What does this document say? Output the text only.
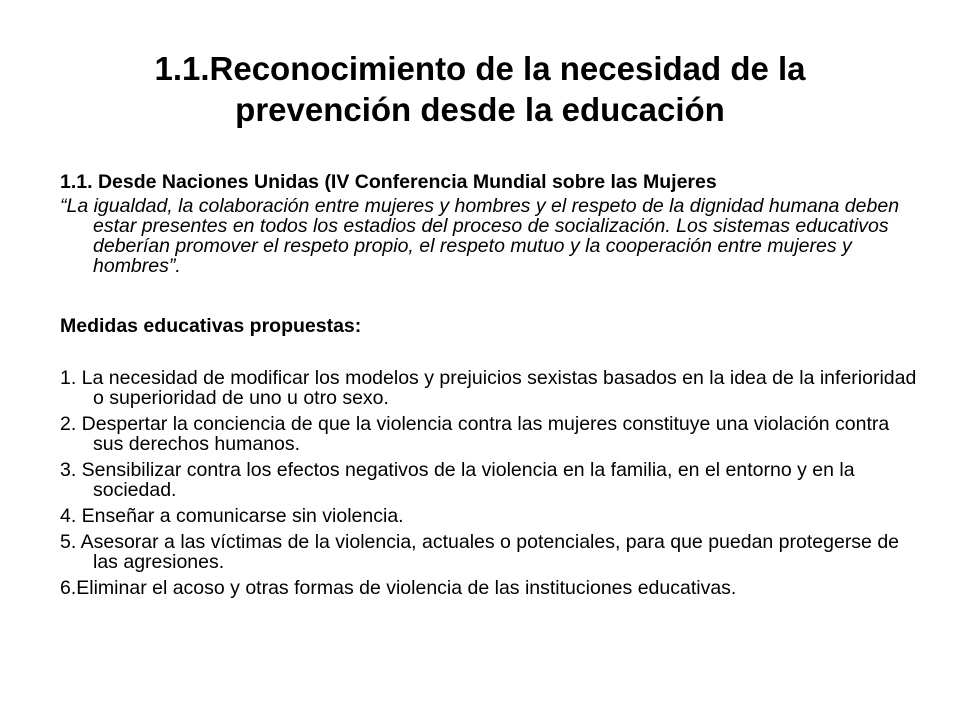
1.1.Reconocimiento de la necesidad de la
prevención desde la educación

1.1. Desde Naciones Unidas (IV Conferencia Mundial sobre las Mujeres

“La igualdad, la colaboración entre mujeres y hombres y el respeto de la dignidad humana deben estar presentes en todos los estadios del proceso de socialización. Los sistemas educativos deberían promover el respeto propio, el respeto mutuo y la cooperación entre mujeres y hombres”.

Medidas educativas propuestas:

1. La necesidad de modificar los modelos y prejuicios sexistas basados en la idea de la inferioridad o superioridad de uno u otro sexo.
2. Despertar la conciencia de que la violencia contra las mujeres constituye una violación contra sus derechos humanos.
3. Sensibilizar contra los efectos negativos de la violencia en la familia, en el entorno y en la sociedad.
4. Enseñar a comunicarse sin violencia.
5. Asesorar a las víctimas de la violencia, actuales o potenciales, para que puedan protegerse de las agresiones.
6.Eliminar el acoso y otras formas de violencia de las instituciones educativas.
